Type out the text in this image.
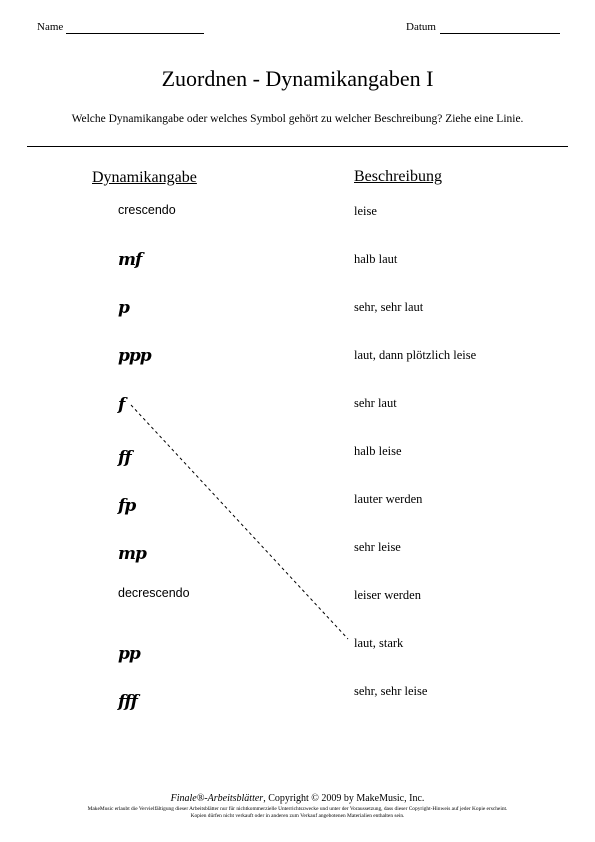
Name	Datum
Zuordnen - Dynamikangaben I
Welche Dynamikangabe oder welches Symbol gehört zu welcher Beschreibung? Ziehe eine Linie.
Dynamikangabe	Beschreibung
crescendo
mf
p
ppp
f
ff
fp
mp
decrescendo
pp
fff
leise
halb laut
sehr, sehr laut
laut, dann plötzlich leise
sehr laut
halb leise
lauter werden
sehr leise
leiser werden
laut, stark
sehr, sehr leise
Finale®-Arbeitsblätter, Copyright © 2009 by MakeMusic, Inc.
MakeMusic erlaubt die Vervielfältigung dieser Arbeitsblätter nur für nichtkommerzielle Unterrichtszwecke und unter der Voraussetzung, dass dieser Copyright-Hinweis auf jeder Kopie erscheint.
Kopien dürfen nicht verkauft oder in anderen zum Verkauf angebotenen Materialien enthalten sein.
